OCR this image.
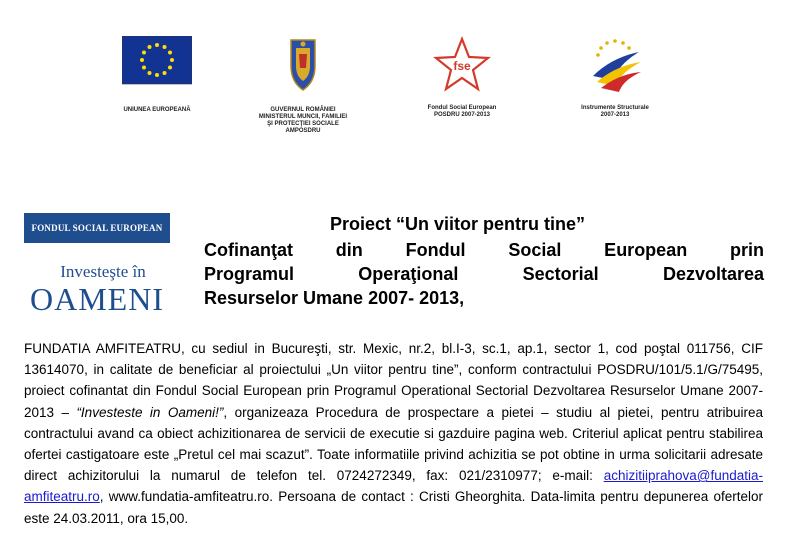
UNIUNEA EUROPEANĂ	GUVERNUL ROMÂNIEI
MINISTERUL MUNCII, FAMILIEI
ŞI PROTECŢIEI SOCIALE
AMPOSDRU
fse
Fondul Social European
POSDRU 2007-2013
Instrumente Structurale
2007-2013
FONDUL SOCIAL EUROPEAN
Investeşte în
OAMENI
Proiect “Un viitor pentru tine”
Cofinanţat din Fondul Social European prin
Programul Operaţional Sectorial Dezvoltarea
Resurselor Umane 2007- 2013,

FUNDATIA AMFITEATRU, cu sediul in Bucureşti, str. Mexic, nr.2, bl.I-3, sc.1, ap.1, sector 1, cod poştal 011756, CIF 13614070, in calitate de beneficiar al proiectului „Un viitor pentru tine”, conform contractului POSDRU/101/5.1/G/75495, proiect cofinantat din Fondul Social European prin Programul Operational Sectorial Dezvoltarea Resurselor Umane 2007-2013 – “Investeste in Oameni!”, organizeaza Procedura de prospectare a pietei – studiu al pietei, pentru atribuirea contractului avand ca obiect achizitionarea de servicii de executie si gazduire pagina web. Criteriul aplicat pentru stabilirea ofertei castigatoare este „Pretul cel mai scazut”. Toate informatiile privind achizitia se pot obtine in urma solicitarii adresate direct achizitorului la numarul de telefon tel. 0724272349, fax: 021/2310977; e-mail: achizitiiprahova@fundatia-amfiteatru.ro, www.fundatia-amfiteatru.ro. Persoana de contact : Cristi Gheorghita. Data-limita pentru depunerea ofertelor este 24.03.2011, ora 15,00.
